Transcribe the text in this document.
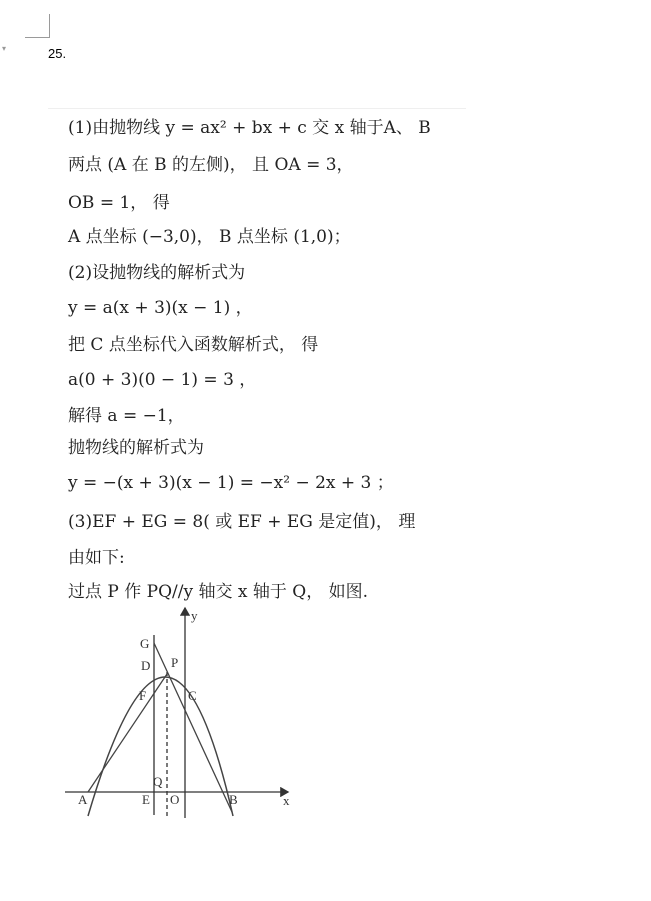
▾	25.
(1)由抛物线 y = ax² + bx + c 交 x 轴于A、 B
两点 (A 在 B 的左侧)， 且 OA = 3，
OB = 1， 得
A 点坐标 (−3,0)， B 点坐标 (1,0)；
(2)设抛物线的解析式为
y = a(x + 3)(x − 1) ，
把 C 点坐标代入函数解析式， 得
a(0 + 3)(0 − 1) = 3 ，
解得 a = −1，
抛物线的解析式为
y = −(x + 3)(x − 1) = −x² − 2x + 3 ；
(3)EF + EG = 8( 或 EF + EG 是定值)， 理
由如下:
过点 P 作 PQ//y 轴交 x 轴于 Q， 如图.
A	B
C
D
E
F
G
P
Q
O	x
y
